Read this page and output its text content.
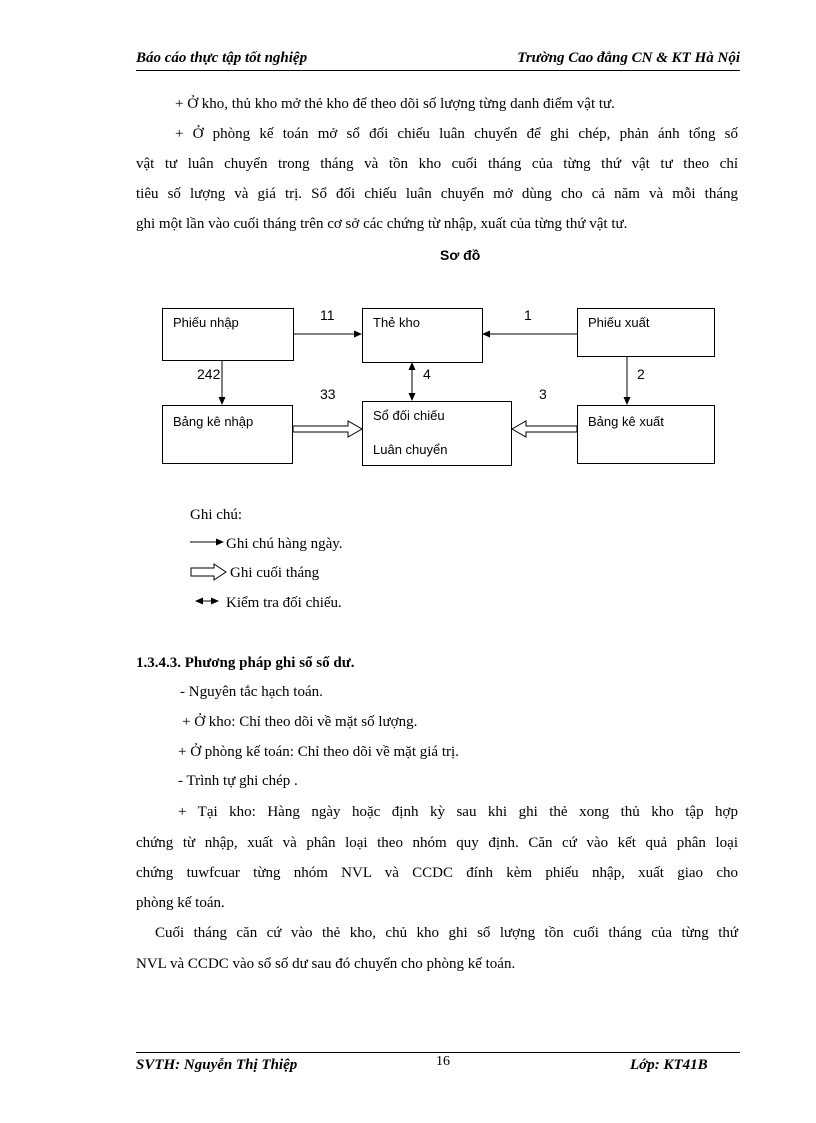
Báo cáo thực tập tốt nghiệp	Trường Cao đẳng CN & KT Hà Nội
+ Ở kho, thủ kho mở thẻ kho để theo dõi số lượng từng danh điểm vật tư.
+ Ở phòng kế toán mở sổ đối chiếu luân chuyển để ghi chép, phản ánh tổng số
vật tư luân chuyển trong tháng và tồn kho cuối tháng của từng thứ vật tư theo chỉ
tiêu số lượng và giá trị. Sổ đối chiếu luân chuyển mở dùng cho cả năm và mỗi tháng
ghi một lần vào cuối tháng trên cơ sở các chứng từ nhập, xuất của từng thứ vật tư.
Sơ đồ
Phiếu nhập	Thẻ kho	Phiếu xuất
Bảng kê nhập	Sổ đối chiếu
Luân chuyển
Bảng kê xuất
11	1
242	4	2
33	3
Ghi chú:
Ghi chú hàng ngày.
Ghi cuối tháng
Kiểm tra đối chiếu.
1.3.4.3. Phương pháp ghi sổ số dư.
- Nguyên tắc hạch toán.
+ Ở kho: Chỉ theo dõi về mặt số lượng.
+ Ở phòng kế toán: Chỉ theo dõi về mặt giá trị.
- Trình tự ghi chép .
+ Tại kho: Hàng ngày hoặc định kỳ sau khi ghi thẻ xong thủ kho tập hợp
chứng từ nhập, xuất và phân loại theo nhóm quy định. Căn cứ vào kết quả phân loại
chứng tuwfcuar từng nhóm NVL và CCDC đính kèm phiếu nhập, xuất giao cho
phòng kế toán.
Cuối tháng căn cứ vào thẻ kho, chủ kho ghi số lượng tồn cuối tháng của từng thứ
NVL và CCDC vào sổ số dư sau đó chuyển cho phòng kế toán.
SVTH: Nguyễn Thị Thiệp	16	Lớp: KT41B
